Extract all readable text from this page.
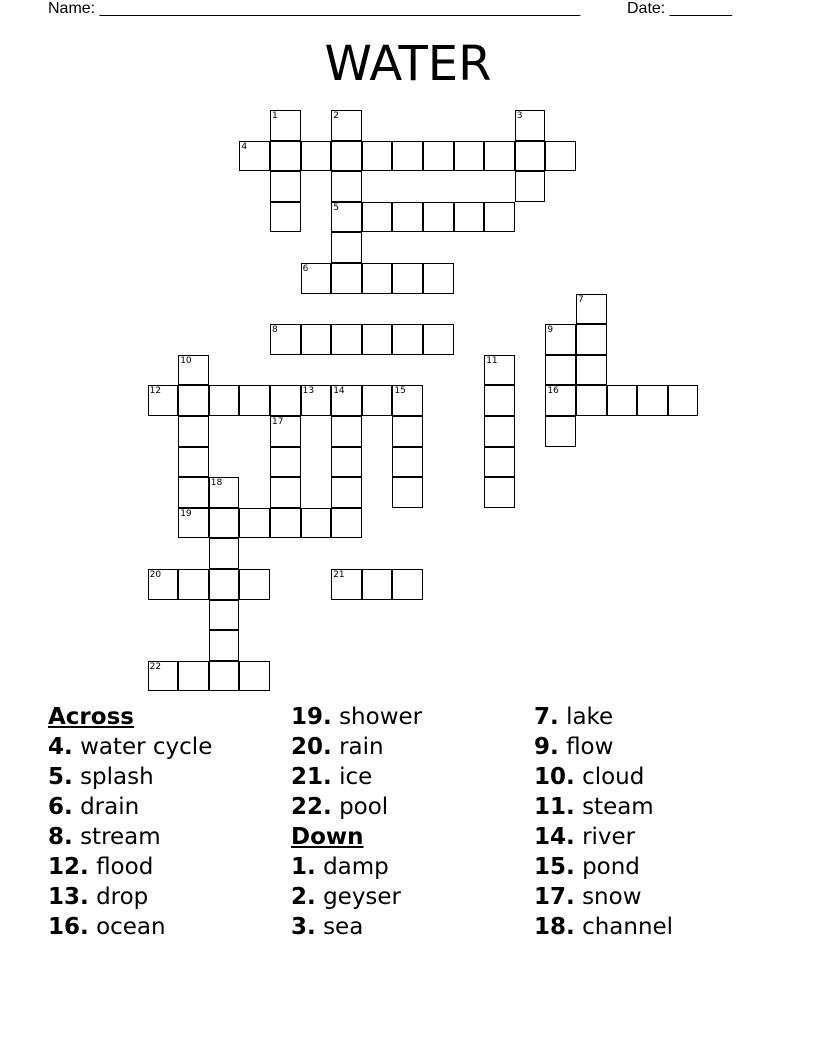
Name: ______________________________________________________	Date: _______
WATER
1	2
5
3
4
6
7
8	9
16
10	11
12	13 14	15
17
18
19
20	21
22
Across
4. water cycle
5. splash
6. drain
8. stream
12. flood
13. drop
16. ocean
19. shower
20. rain
21. ice
22. pool
Down
1. damp
2. geyser
3. sea
7. lake
9. flow
10. cloud
11. steam
14. river
15. pond
17. snow
18. channel
